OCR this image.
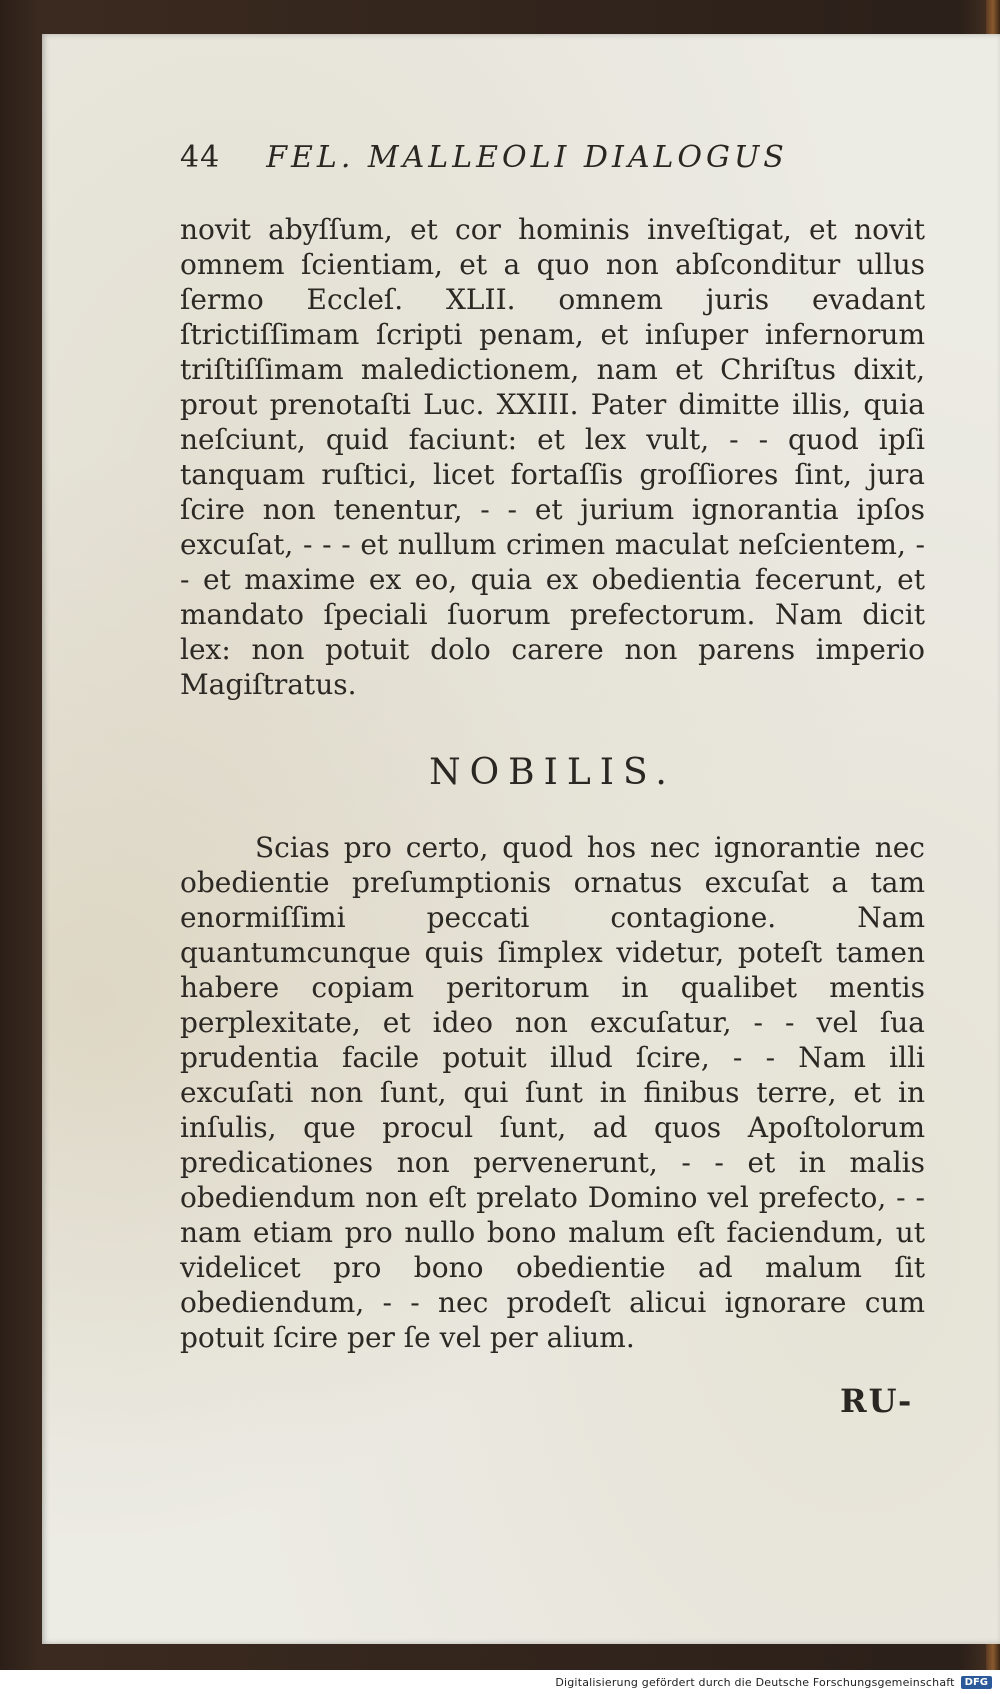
44 FEL. MALLEOLI DIALOGUS
novit abyſſum, et cor hominis inveſtigat, et novit omnem ſcientiam, et a quo non abſconditur ullus ſermo Eccleſ. XLII. omnem juris evadant ſtrictiſſimam ſcripti penam, et inſuper infernorum triſtiſſimam maledictionem, nam et Chriſtus dixit, prout prenotaſti Luc. XXIII. Pater dimitte illis, quia neſciunt, quid faciunt: et lex vult, - - quod ipſi tanquam ruſtici, licet fortaſſis groſſiores ſint, jura ſcire non tenentur, - - et jurium ignorantia ipſos excuſat, - - - et nullum crimen maculat neſcientem, - - et maxime ex eo, quia ex obedientia fecerunt, et mandato ſpeciali ſuorum prefectorum. Nam dicit lex: non potuit dolo carere non parens imperio Magiſtratus.
NOBILIS.
Scias pro certo, quod hos nec ignorantie nec obedientie preſumptionis ornatus excuſat a tam enormiſſimi peccati contagione. Nam quantumcunque quis ſimplex videtur, poteſt tamen habere copiam peritorum in qualibet mentis perplexitate, et ideo non excuſatur, - - vel ſua prudentia facile potuit illud ſcire, - - Nam illi excuſati non ſunt, qui ſunt in finibus terre, et in inſulis, que procul ſunt, ad quos Apoſtolorum predicationes non pervenerunt, - - et in malis obediendum non eſt prelato Domino vel prefecto, - - nam etiam pro nullo bono malum eſt faciendum, ut videlicet pro bono obedientie ad malum ſit obediendum, - - nec prodeſt alicui ignorare cum potuit ſcire per ſe vel per alium.
RU-
Digitalisierung gefördert durch die Deutsche Forschungsgemeinschaft	DFG
